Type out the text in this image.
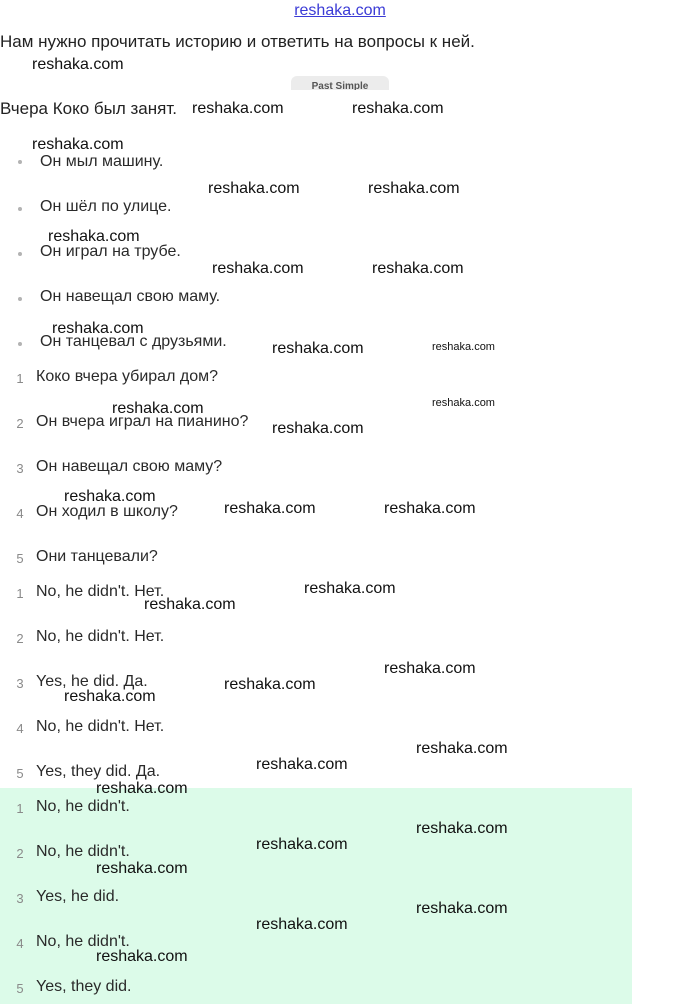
reshaka.com
Нам нужно прочитать историю и ответить на вопросы к ней.
Past Simple
Вчера Коко был занят.
Он мыл машину.
Он шёл по улице.
Он играл на трубе.
Он навещал свою маму.
Он танцевал с друзьями.
1 Коко вчера убирал дом?
2 Он вчера играл на пианино?
3 Он навещал свою маму?
4 Он ходил в школу?
5 Они танцевали?
1 No, he didn't. Нет.
2 No, he didn't. Нет.
3 Yes, he did. Да.
4 No, he didn't. Нет.
5 Yes, they did. Да.
1 No, he didn't.
2 No, he didn't.
3 Yes, he did.
4 No, he didn't.
5 Yes, they did.
reshaka.com
reshaka.com	reshaka.com
reshaka.com
reshaka.com	reshaka.com
reshaka.com
reshaka.com	reshaka.com
reshaka.com
reshaka.com	reshaka.com
reshaka.com
reshaka.com
reshaka.com
reshaka.com
reshaka.com	reshaka.com
reshaka.com
reshaka.com
reshaka.com
reshaka.com
reshaka.com
reshaka.com
reshaka.com
reshaka.com
reshaka.com
reshaka.com
reshaka.com
reshaka.com
reshaka.com
reshaka.com
